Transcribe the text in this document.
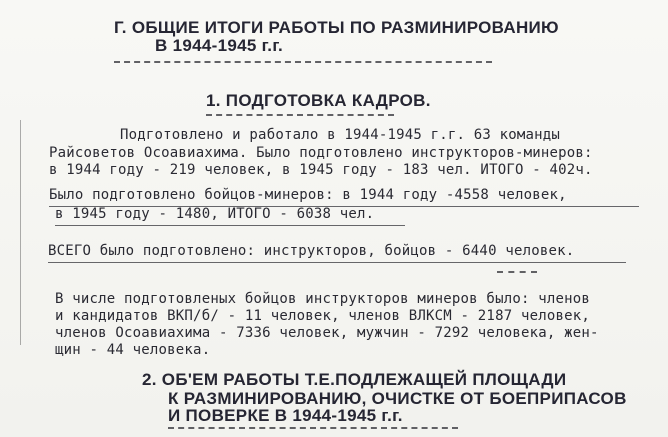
Г. ОБЩИЕ ИТОГИ РАБОТЫ ПО РАЗМИНИРОВАНИЮ
В 1944-1945 г.г.
1. ПОДГОТОВКА КАДРОВ.
Подготовлено и работало в 1944-1945 г.г. 63 команды
Райсоветов Осоавиахима. Было подготовлено инструкторов-минеров:
в 1944 году - 219 человек, в 1945 году - 183 чел. ИТОГО - 402ч.
Было подготовлено бойцов-минеров: в 1944 году -4558 человек,
в 1945 году - 1480, ИТОГО - 6038 чел.
ВСЕГО было подготовлено: инструкторов, бойцов - 6440 человек.
В числе подготовленых бойцов инструкторов минеров было: членов
и кандидатов ВКП/б/ - 11 человек, членов ВЛКСМ - 2187 человек,
членов Осоавиахима - 7336 человек, мужчин - 7292 человека, жен-
щин - 44 человека.
2. ОБ'ЕМ РАБОТЫ Т.Е.ПОДЛЕЖАЩЕЙ ПЛОЩАДИ
К РАЗМИНИРОВАНИЮ, ОЧИСТКЕ ОТ БОЕПРИПАСОВ
И ПОВЕРКЕ В 1944-1945 г.г.
